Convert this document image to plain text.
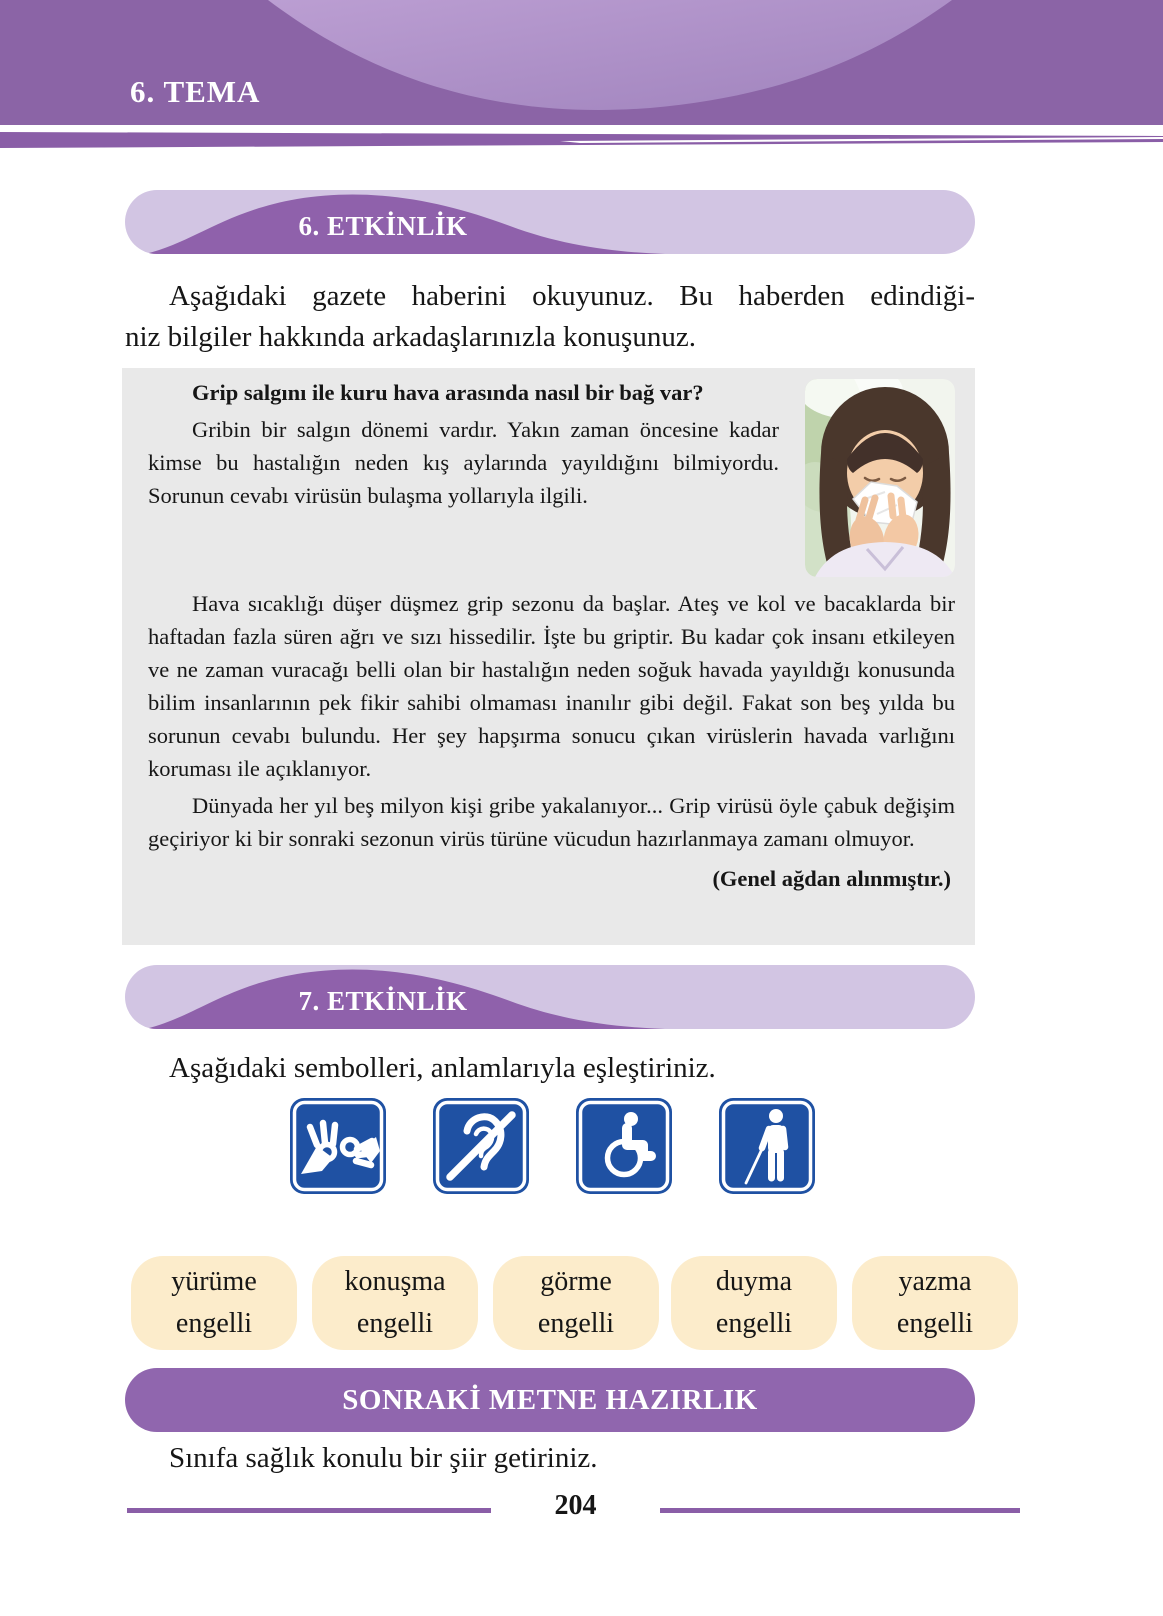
6. TEMA
6. ETKİNLİK
Aşağıdaki gazete haberini okuyunuz. Bu haberden edindiği-
niz bilgiler hakkında arkadaşlarınızla konuşunuz.
Grip salgını ile kuru hava arasında nasıl bir bağ var?

Gribin bir salgın dönemi vardır. Yakın zaman öncesine kadar kimse bu hastalığın neden kış aylarında yayıldığını bilmiyordu. Sorunun cevabı virüsün bulaşma yollarıyla ilgili.

Hava sıcaklığı düşer düşmez grip sezonu da başlar. Ateş ve kol ve bacaklarda bir haftadan fazla süren ağrı ve sızı hissedilir. İşte bu griptir. Bu kadar çok insanı etkileyen ve ne zaman vuracağı belli olan bir hastalığın neden soğuk havada yayıldığı konusunda bilim insanlarının pek fikir sahibi olmaması inanılır gibi değil. Fakat son beş yılda bu sorunun cevabı bulundu. Her şey hapşırma sonucu çıkan virüslerin havada varlığını koruması ile açıklanıyor.

Dünyada her yıl beş milyon kişi gribe yakalanıyor... Grip virüsü öyle çabuk değişim geçiriyor ki bir sonraki sezonun virüs türüne vücudun hazırlanmaya zamanı olmuyor.

(Genel ağdan alınmıştır.)
7. ETKİNLİK
Aşağıdaki sembolleri, anlamlarıyla eşleştiriniz.
yürüme
engelli
konuşma
engelli
görme
engelli
duyma
engelli
yazma
engelli
SONRAKİ METNE HAZIRLIK
Sınıfa sağlık konulu bir şiir getiriniz.
204
